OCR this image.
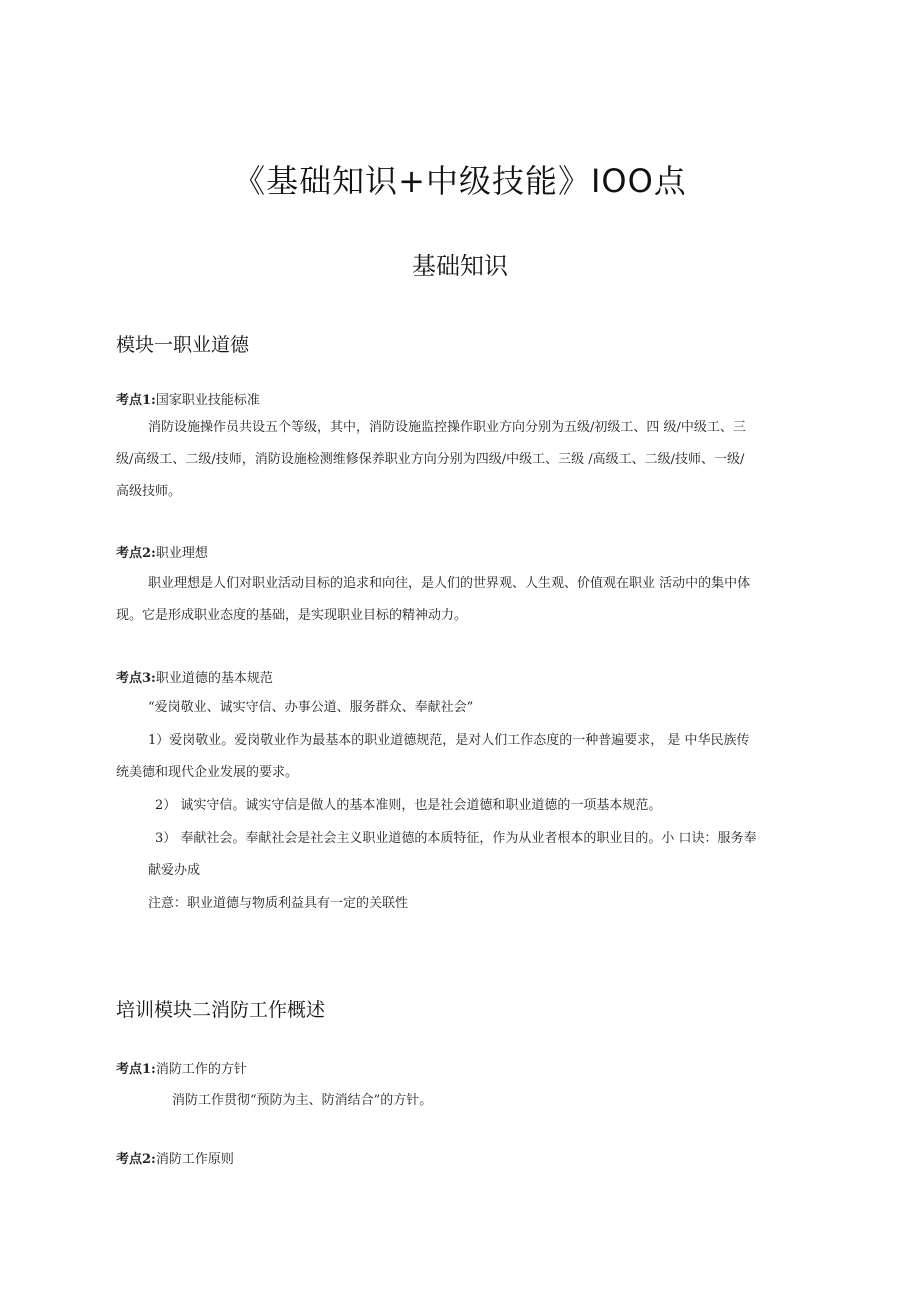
《基础知识+中级技能》IOO点
基础知识
模块一职业道德
考点1:国家职业技能标准
消防设施操作员共设五个等级，其中，消防设施监控操作职业方向分别为五级/初级工、四 级/中级工、三
级/高级工、二级/技师，消防设施检测维修保养职业方向分别为四级/中级工、三级 /高级工、二级/技师、一级/
高级技师。
考点2:职业理想
职业理想是人们对职业活动目标的追求和向往，是人们的世界观、人生观、价值观在职业 活动中的集中体
现。它是形成职业态度的基础，是实现职业目标的精神动力。
考点3:职业道德的基本规范
“爱岗敬业、诚实守信、办事公道、服务群众、奉献社会”
1）爱岗敬业。爱岗敬业作为最基本的职业道德规范，是对人们工作态度的一种普遍要求， 是 中华民族传
统美德和现代企业发展的要求。
2） 诚实守信。诚实守信是做人的基本准则，也是社会道德和职业道德的一项基本规范。
3） 奉献社会。奉献社会是社会主义职业道德的本质特征，作为从业者根本的职业目的。小 口诀：服务奉
献爱办成
注意：职业道德与物质利益具有一定的关联性
培训模块二消防工作概述
考点1:消防工作的方针
消防工作贯彻“预防为主、防消结合”的方针。
考点2:消防工作原则
